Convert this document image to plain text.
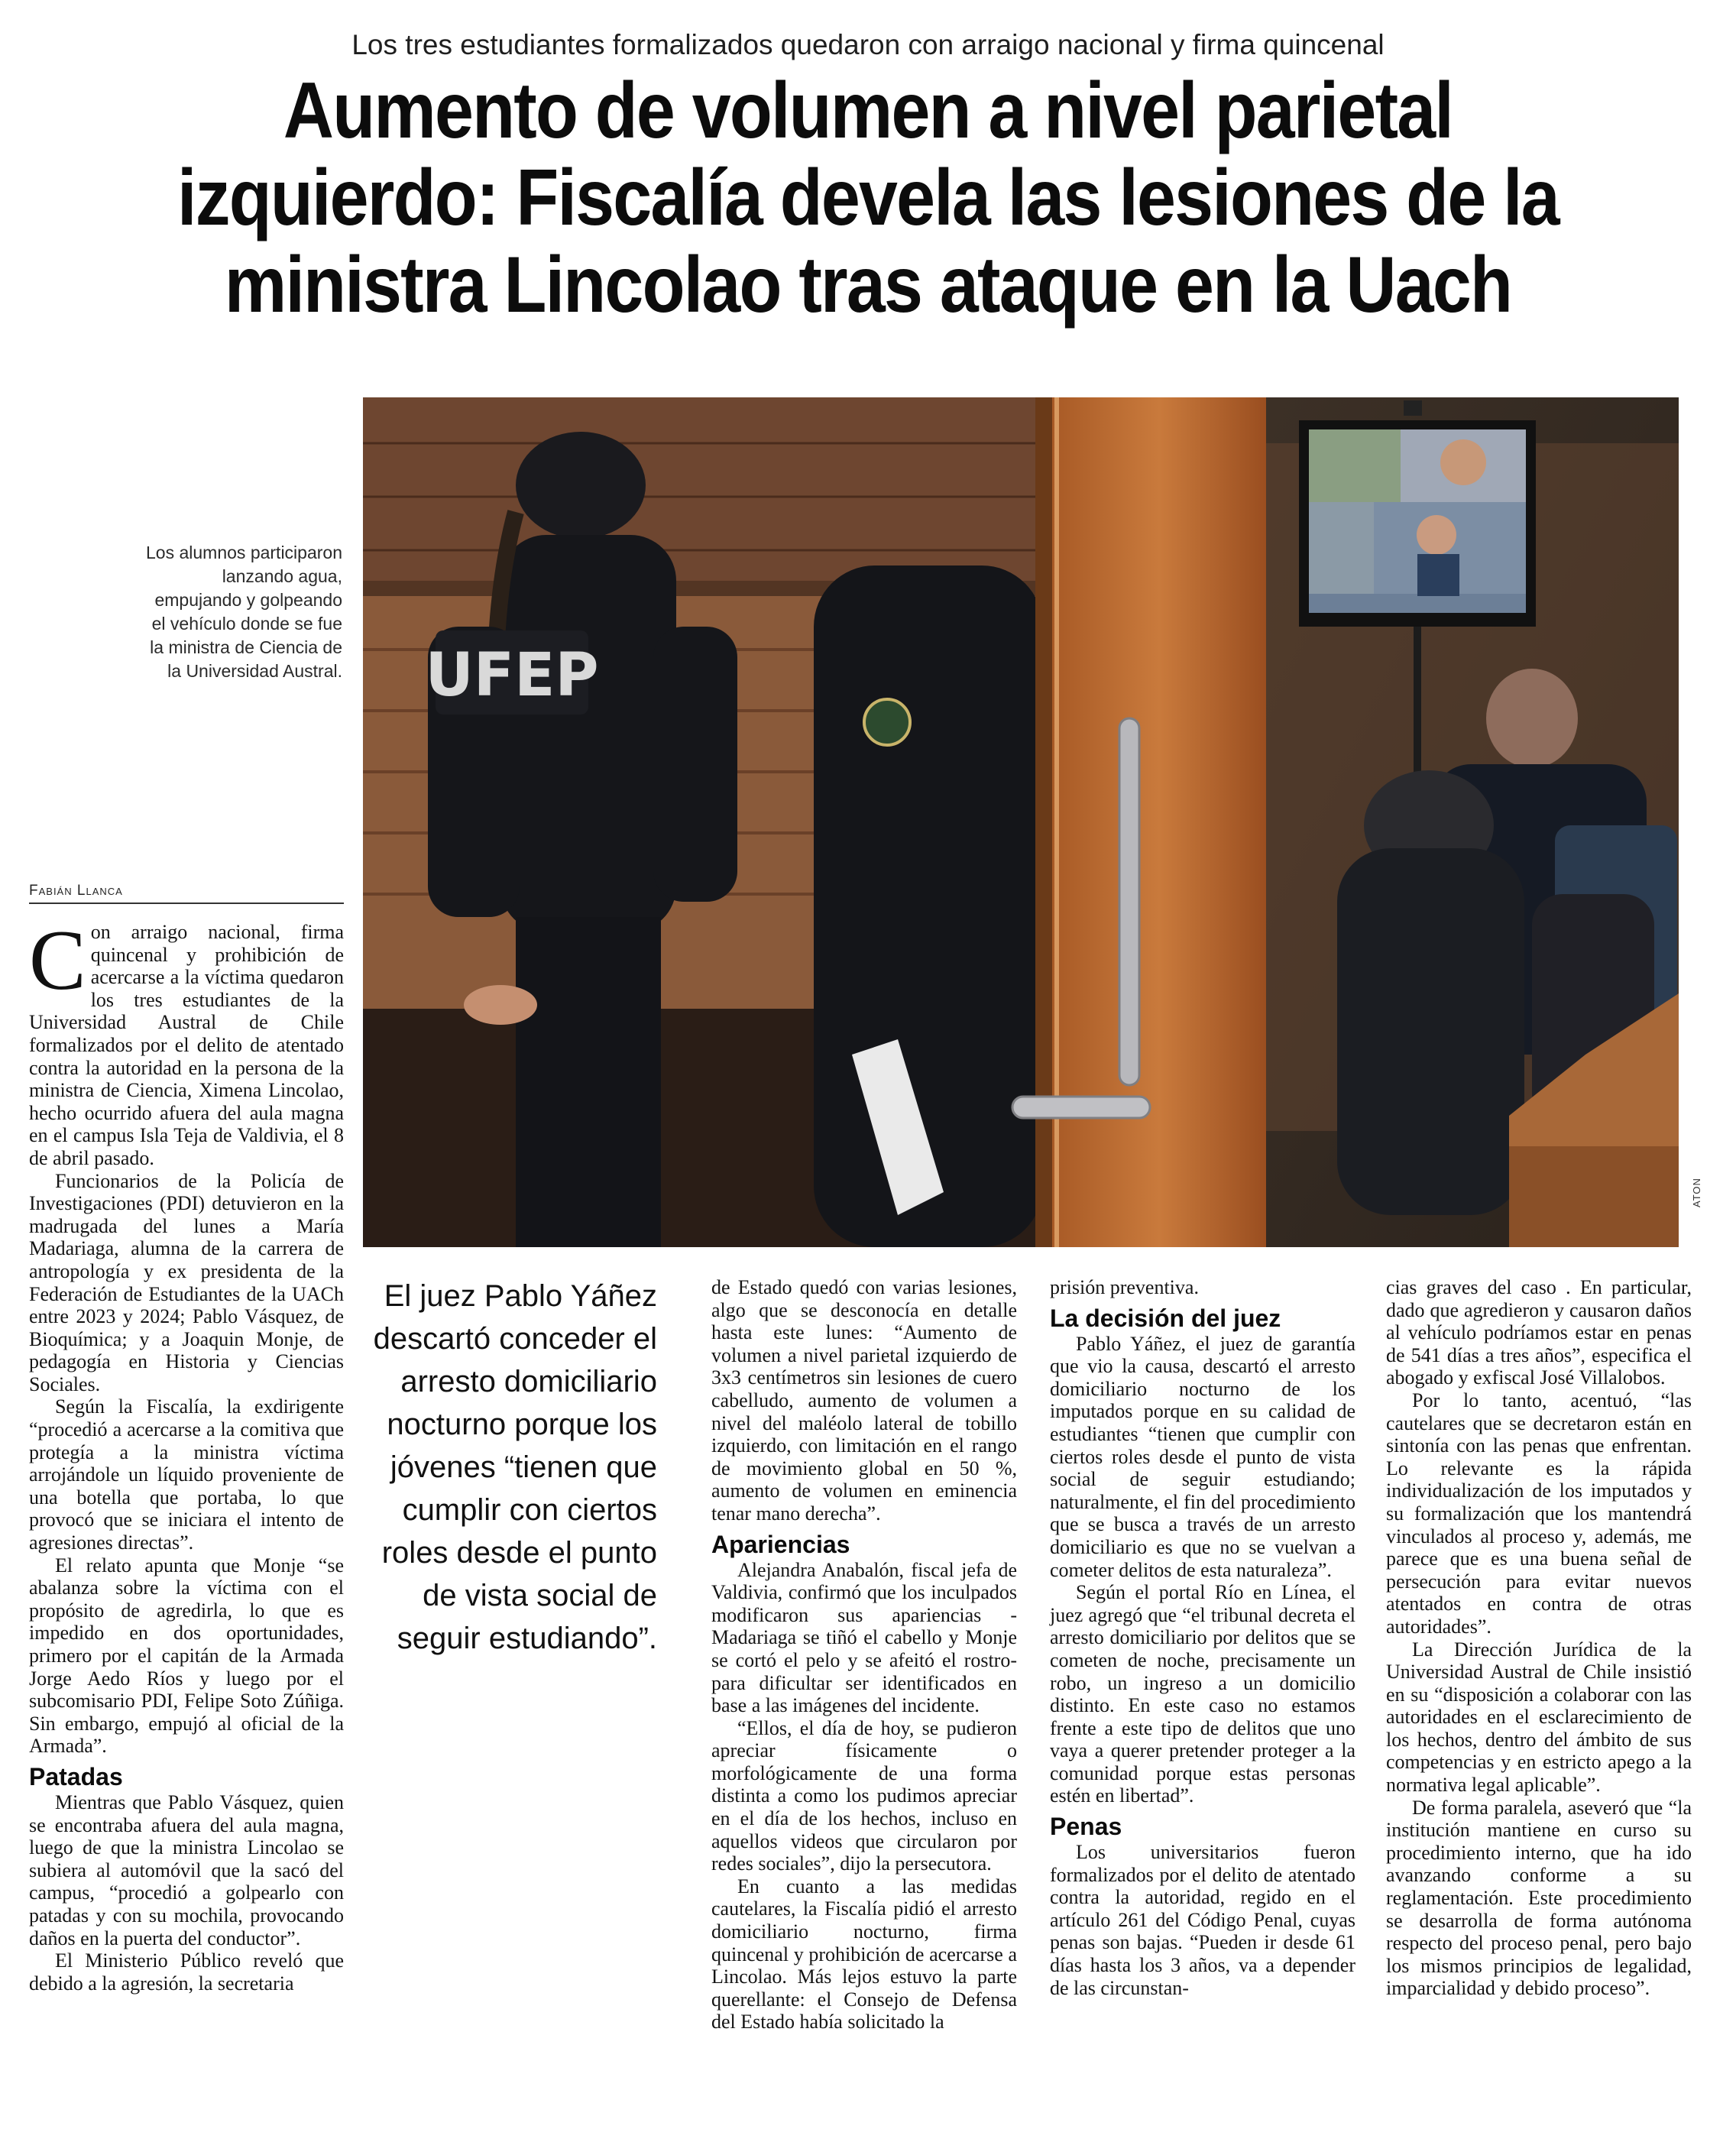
Los tres estudiantes formalizados quedaron con arraigo nacional y firma quincenal
Aumento de volumen a nivel parietal
izquierdo: Fiscalía devela las lesiones de la
ministra Lincolao tras ataque en la Uach
Los alumnos participaron lanzando agua, empujando y golpeando el vehículo donde se fue la ministra de Ciencia de la Universidad Austral. UFEP
ATON
Fabián Llanca

Con arraigo nacional, firma quincenal y prohibición de acercarse a la víctima quedaron los tres estudiantes de la Universidad Austral de Chile formalizados por el delito de atentado contra la autoridad en la persona de la ministra de Ciencia, Ximena Lincolao, hecho ocurrido afuera del aula magna en el campus Isla Teja de Valdivia, el 8 de abril pasado.

Funcionarios de la Policía de Investigaciones (PDI) detuvieron en la madrugada del lunes a María Madariaga, alumna de la carrera de antropología y ex presidenta de la Federación de Estudiantes de la UACh entre 2023 y 2024; Pablo Vásquez, de Bioquímica; y a Joaquin Monje, de pedagogía en Historia y Ciencias Sociales.

Según la Fiscalía, la exdirigente “procedió a acercarse a la comitiva que protegía a la ministra víctima arrojándole un líquido proveniente de una botella que portaba, lo que provocó que se iniciara el intento de agresiones directas”.

El relato apunta que Monje “se abalanza sobre la víctima con el propósito de agredirla, lo que es impedido en dos oportunidades, primero por el capitán de la Armada Jorge Aedo Ríos y luego por el subcomisario PDI, Felipe Soto Zúñiga. Sin embargo, empujó al oficial de la Armada”.

Patadas

Mientras que Pablo Vásquez, quien se encontraba afuera del aula magna, luego de que la ministra Lincolao se subiera al automóvil que la sacó del campus, “procedió a golpearlo con patadas y con su mochila, provocando daños en la puerta del conductor”.

El Ministerio Público reveló que debido a la agresión, la secretaria

El juez Pablo Yáñez descartó conceder el arresto domiciliario nocturno porque los jóvenes “tienen que cumplir con ciertos roles desde el punto de vista social de seguir estudiando”.

de Estado quedó con varias lesiones, algo que se desconocía en detalle hasta este lunes: “Aumento de volumen a nivel parietal izquierdo de 3x3 centímetros sin lesiones de cuero cabelludo, aumento de volumen a nivel del maléolo lateral de tobillo izquierdo, con limitación en el rango de movimiento global en 50 %, aumento de volumen en eminencia tenar mano derecha”.

Apariencias

Alejandra Anabalón, fiscal jefa de Valdivia, confirmó que los inculpados modificaron sus apariencias -Madariaga se tiñó el cabello y Monje se cortó el pelo y se afeitó el rostro- para dificultar ser identificados en base a las imágenes del incidente.

“Ellos, el día de hoy, se pudieron apreciar físicamente o morfológicamente de una forma distinta a como los pudimos apreciar en el día de los hechos, incluso en aquellos videos que circularon por redes sociales”, dijo la persecutora.

En cuanto a las medidas cautelares, la Fiscalía pidió el arresto domiciliario nocturno, firma quincenal y prohibición de acercarse a Lincolao. Más lejos estuvo la parte querellante: el Consejo de Defensa del Estado había solicitado la

prisión preventiva.

La decisión del juez

Pablo Yáñez, el juez de garantía que vio la causa, descartó el arresto domiciliario nocturno de los imputados porque en su calidad de estudiantes “tienen que cumplir con ciertos roles desde el punto de vista social de seguir estudiando; naturalmente, el fin del procedimiento que se busca a través de un arresto domiciliario es que no se vuelvan a cometer delitos de esta naturaleza”.

Según el portal Río en Línea, el juez agregó que “el tribunal decreta el arresto domiciliario por delitos que se cometen de noche, precisamente un robo, un ingreso a un domicilio distinto. En este caso no estamos frente a este tipo de delitos que uno vaya a querer pretender proteger a la comunidad porque estas personas estén en libertad”.

Penas

Los universitarios fueron formalizados por el delito de atentado contra la autoridad, regido en el artículo 261 del Código Penal, cuyas penas son bajas. “Pueden ir desde 61 días hasta los 3 años, va a depender de las circunstan-

cias graves del caso . En particular, dado que agredieron y causaron daños al vehículo podríamos estar en penas de 541 días a tres años”, especifica el abogado y exfiscal José Villalobos.

Por lo tanto, acentuó, “las cautelares que se decretaron están en sintonía con las penas que enfrentan. Lo relevante es la rápida individualización de los imputados y su formalización que los mantendrá vinculados al proceso y, además, me parece que es una buena señal de persecución para evitar nuevos atentados en contra de otras autoridades”.

La Dirección Jurídica de la Universidad Austral de Chile insistió en su “disposición a colaborar con las autoridades en el esclarecimiento de los hechos, dentro del ámbito de sus competencias y en estricto apego a la normativa legal aplicable”.

De forma paralela, aseveró que “la institución mantiene en curso su procedimiento interno, que ha ido avanzando conforme a su reglamentación. Este procedimiento se desarrolla de forma autónoma respecto del proceso penal, pero bajo los mismos principios de legalidad, imparcialidad y debido proceso”.
